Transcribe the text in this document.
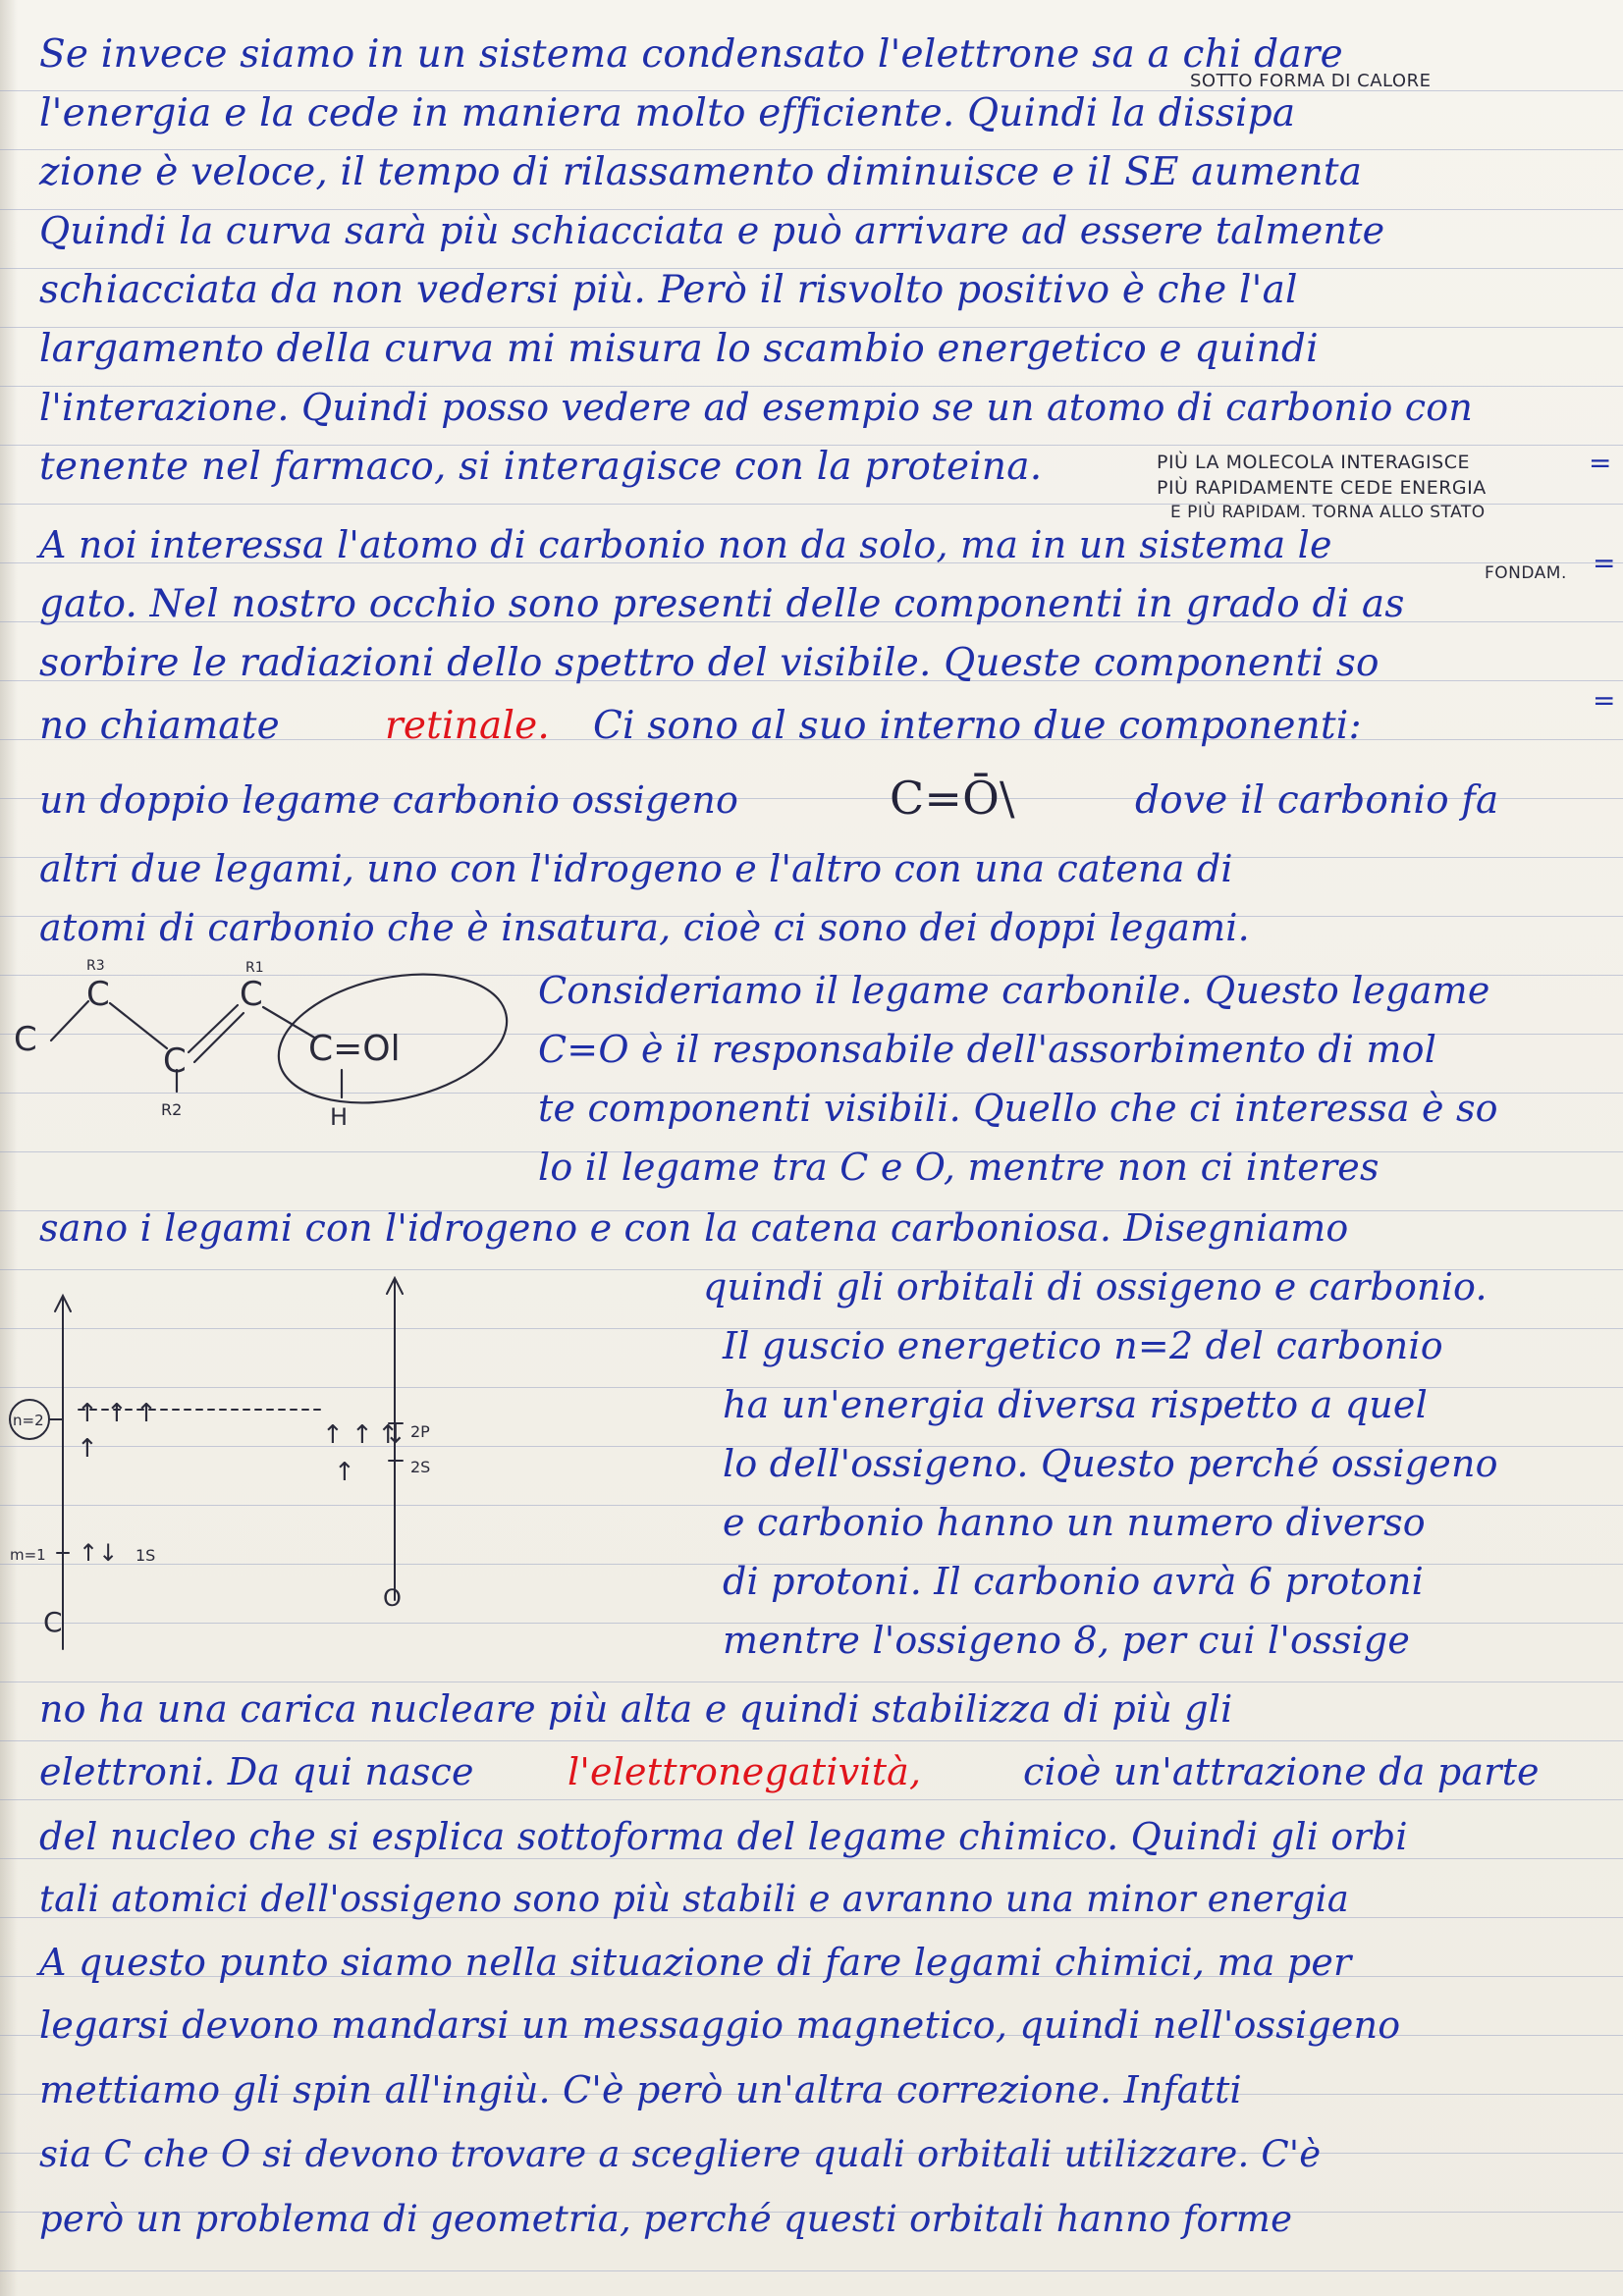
Se invece siamo in un sistema condensato l'elettrone sa a chi dare
SOTTO FORMA DI CALORE
l'energia e la cede in maniera molto efficiente. Quindi la dissipa
zione è veloce, il tempo di rilassamento diminuisce e il SE aumenta
Quindi la curva sarà più schiacciata e può arrivare ad essere talmente
schiacciata da non vedersi più. Però il risvolto positivo è che l'al
largamento della curva mi misura lo scambio energetico e quindi
l'interazione. Quindi posso vedere ad esempio se un atomo di carbonio con
tenente nel farmaco, si interagisce con la proteina.	PIÙ LA MOLECOLA INTERAGISCE
PIÙ RAPIDAMENTE CEDE ENERGIA
E PIÙ RAPIDAM. TORNA ALLO STATO
FONDAM.
=
=
=
A noi interessa l'atomo di carbonio non da solo, ma in un sistema le
gato. Nel nostro occhio sono presenti delle componenti in grado di as
sorbire le radiazioni dello spettro del visibile. Queste componenti so
no chiamate	retinale. Ci sono al suo interno due componenti:
un doppio legame carbonio ossigeno	C=Ō\	dove il carbonio fa
altri due legami, uno con l'idrogeno e l'altro con una catena di
atomi di carbonio che è insatura, cioè ci sono dei doppi legami.
C
C
C
C
C=Ol
R3	R1
R2	H
Consideriamo il legame carbonile. Questo legame
C=O è il responsabile dell'assorbimento di mol
te componenti visibili. Quello che ci interessa è so
lo il legame tra C e O, mentre non ci interes
sano i legami con l'idrogeno e con la catena carboniosa. Disegniamo
n=2
m=1
↑ ↑ ↑
↑
↑↓ 1S
↑ ↑ ⇅ 2P
↑	2S
C
O
quindi gli orbitali di ossigeno e carbonio.
Il guscio energetico n=2 del carbonio
ha un'energia diversa rispetto a quel
lo dell'ossigeno. Questo perché ossigeno
e carbonio hanno un numero diverso
di protoni. Il carbonio avrà 6 protoni
mentre l'ossigeno 8, per cui l'ossige
no ha una carica nucleare più alta e quindi stabilizza di più gli
elettroni. Da qui nasce	l'elettronegatività,	cioè un'attrazione da parte
del nucleo che si esplica sottoforma del legame chimico. Quindi gli orbi
tali atomici dell'ossigeno sono più stabili e avranno una minor energia
A questo punto siamo nella situazione di fare legami chimici, ma per
legarsi devono mandarsi un messaggio magnetico, quindi nell'ossigeno
mettiamo gli spin all'ingiù. C'è però un'altra correzione. Infatti
sia C che O si devono trovare a scegliere quali orbitali utilizzare. C'è
però un problema di geometria, perché questi orbitali hanno forme
